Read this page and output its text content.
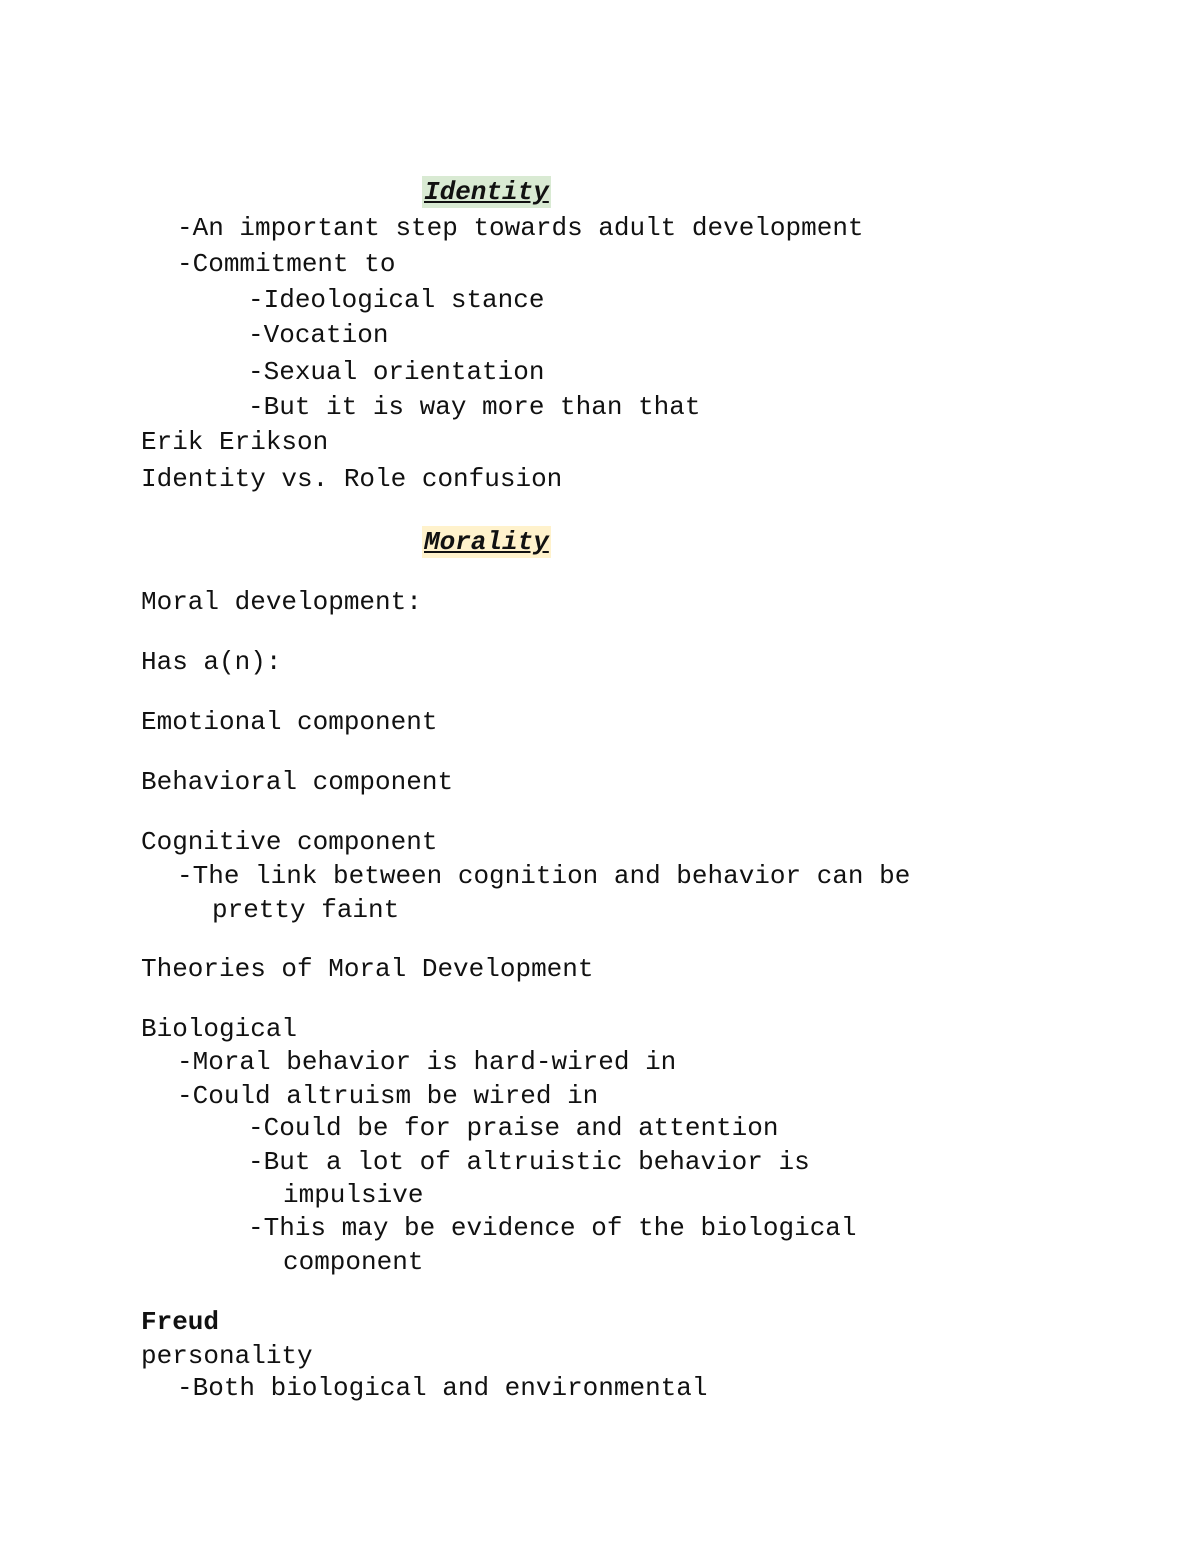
Identity
-An important step towards adult development
-Commitment to
-Ideological stance
-Vocation
-Sexual orientation
-But it is way more than that
Erik Erikson
Identity vs. Role confusion
Morality
Moral development:
Has a(n):
Emotional component
Behavioral component
Cognitive component
-The link between cognition and behavior can be
pretty faint
Theories of Moral Development
Biological
-Moral behavior is hard-wired in
-Could altruism be wired in
-Could be for praise and attention
-But a lot of altruistic behavior is
impulsive
-This may be evidence of the biological
component
Freud
personality
-Both biological and environmental
